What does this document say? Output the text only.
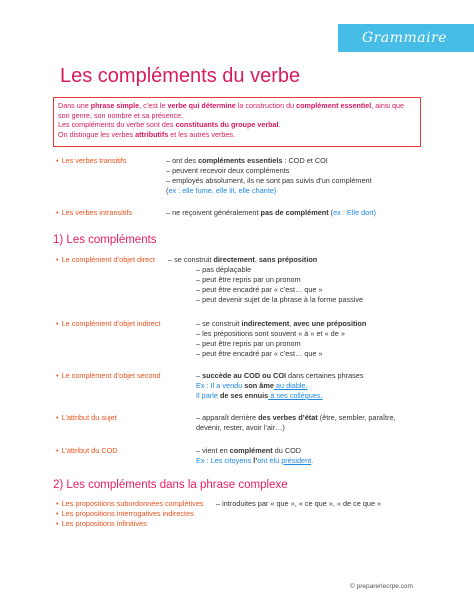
Grammaire
Les compléments du verbe

Dans une phrase simple, c’est le verbe qui détermine la construction du complément essentiel, ainsi que

son genre, son nombre et sa présence.

Les compléments du verbe sont des constituants du groupe verbal.

On distingue les verbes attributifs et les autres verbes.

• Les verbes transitifs	– ont des compléments essentiels : COD et COI
– peuvent recevoir deux compléments
– employés absolument, ils ne sont pas suivis d’un complément
(ex : elle fume, elle lit, elle chante)
• Les verbes intransitifs	– ne reçoivent généralement pas de complément (ex : Elle dort)
1) Les compléments
• Le complément d’objet direct – se construit directement, sans préposition
– pas déplaçable
– peut être repris par un pronom
– peut être encadré par « c’est… que »
– peut devenir sujet de la phrase à la forme passive
• Le complément d’objet indirect	– se construit indirectement, avec une préposition
– les prépositions sont souvent « à » et « de »
– peut être repris par un pronom
– peut être encadré par « c’est… que »
• Le complément d’objet second	– succède au COD ou COI dans certaines phrases
Ex : Il a vendu son âme au diable.
Il parle de ses ennuis à ses collègues.
• L’attribut du sujet	– apparaît derrière des verbes d’état (être, sembler, paraître,
devenir, rester, avoir l’air…)
• L’attribut du COD	– vient en complément du COD
Ex : Les citoyens l’ont élu président.
2) Les compléments dans la phrase complexe
• Les propositions subordonnées complétives
• Les propositions interrogatives indirectes
• Les propositions infinitives
– introduites par « que », « ce que », « de ce que »
© preparerlecrpe.com
